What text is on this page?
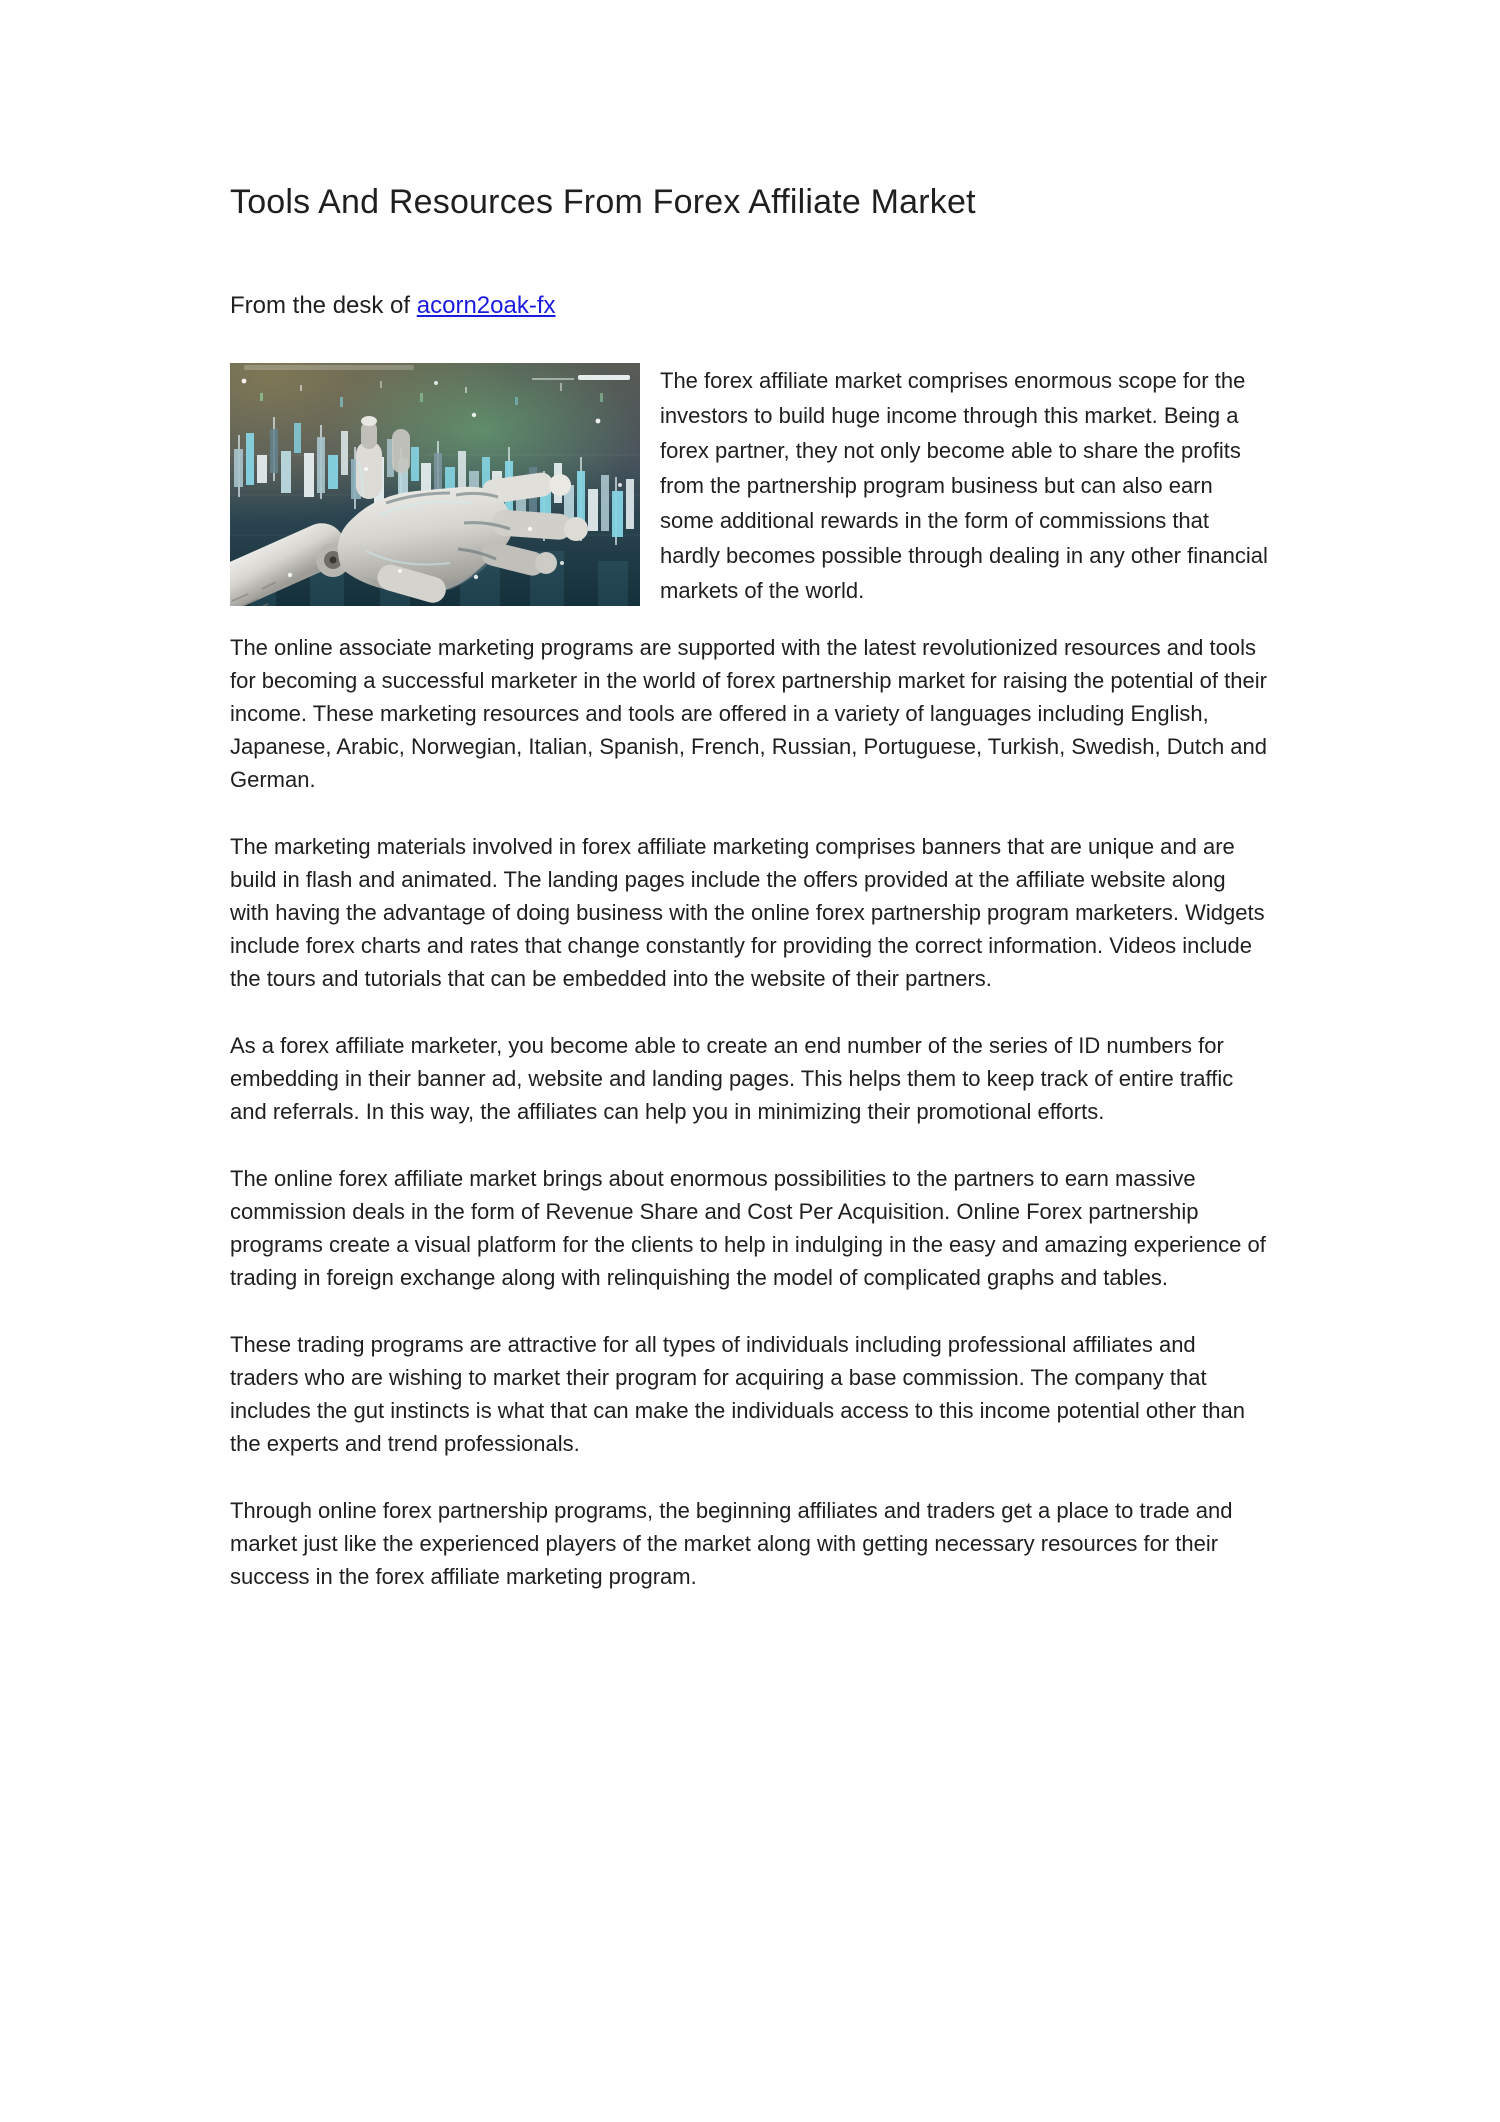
Tools And Resources From Forex Affiliate Market

From the desk of acorn2oak-fx

The forex affiliate market comprises enormous scope for the investors to build huge income through this market. Being a forex partner, they not only become able to share the profits from the partnership program business but can also earn some additional rewards in the form of commissions that hardly becomes possible through dealing in any other financial markets of the world.

The online associate marketing programs are supported with the latest revolutionized resources and tools for becoming a successful marketer in the world of forex partnership market for raising the potential of their income. These marketing resources and tools are offered in a variety of languages including English, Japanese, Arabic, Norwegian, Italian, Spanish, French, Russian, Portuguese, Turkish, Swedish, Dutch and German.

The marketing materials involved in forex affiliate marketing comprises banners that are unique and are build in flash and animated. The landing pages include the offers provided at the affiliate website along with having the advantage of doing business with the online forex partnership program marketers. Widgets include forex charts and rates that change constantly for providing the correct information. Videos include the tours and tutorials that can be embedded into the website of their partners.

As a forex affiliate marketer, you become able to create an end number of the series of ID numbers for embedding in their banner ad, website and landing pages. This helps them to keep track of entire traffic and referrals. In this way, the affiliates can help you in minimizing their promotional efforts.

The online forex affiliate market brings about enormous possibilities to the partners to earn massive commission deals in the form of Revenue Share and Cost Per Acquisition. Online Forex partnership programs create a visual platform for the clients to help in indulging in the easy and amazing experience of trading in foreign exchange along with relinquishing the model of complicated graphs and tables.

These trading programs are attractive for all types of individuals including professional affiliates and traders who are wishing to market their program for acquiring a base commission. The company that includes the gut instincts is what that can make the individuals access to this income potential other than the experts and trend professionals.

Through online forex partnership programs, the beginning affiliates and traders get a place to trade and market just like the experienced players of the market along with getting necessary resources for their success in the forex affiliate marketing program.
